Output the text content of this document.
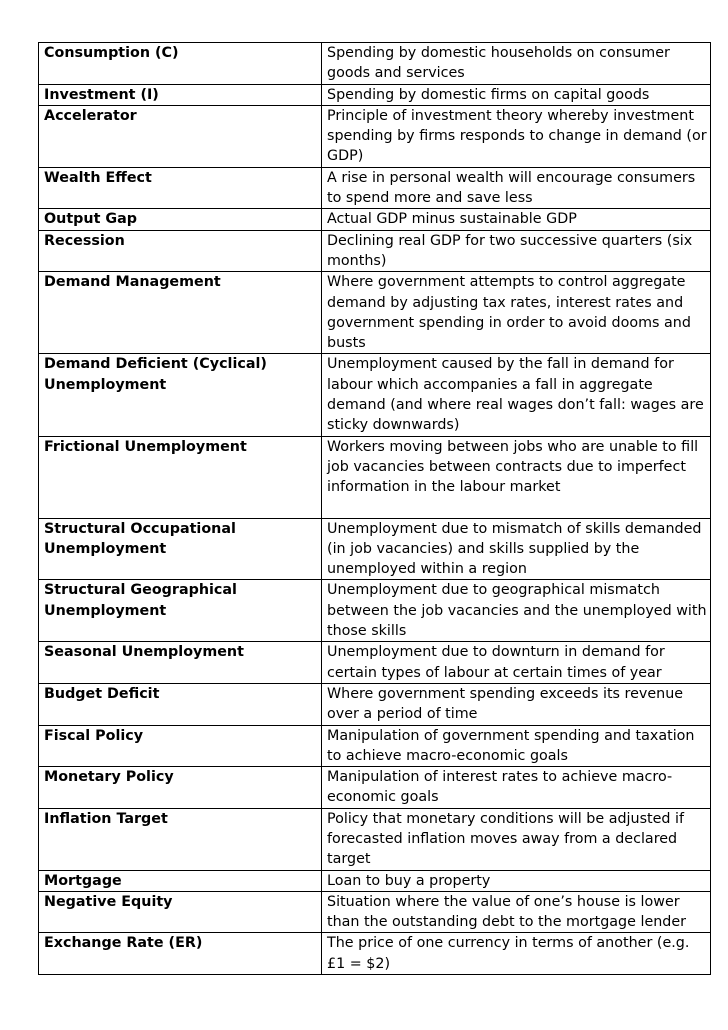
Consumption (C)	Spending by domestic households on consumer goods and services
Investment (I)	Spending by domestic firms on capital goods
Accelerator	Principle of investment theory whereby investment spending by firms responds to change in demand (or GDP)
Wealth Effect	A rise in personal wealth will encourage consumers to spend more and save less
Output Gap	Actual GDP minus sustainable GDP
Recession	Declining real GDP for two successive quarters (six months)
Demand Management	Where government attempts to control aggregate demand by adjusting tax rates, interest rates and government spending in order to avoid dooms and busts
Demand Deficient (Cyclical) Unemployment	Unemployment caused by the fall in demand for labour which accompanies a fall in aggregate demand (and where real wages don’t fall: wages are sticky downwards)
Frictional Unemployment	Workers moving between jobs who are unable to fill job vacancies between contracts due to imperfect information in the labour market
Structural Occupational Unemployment	Unemployment due to mismatch of skills demanded (in job vacancies) and skills supplied by the unemployed within a region
Structural Geographical Unemployment	Unemployment due to geographical mismatch between the job vacancies and the unemployed with those skills
Seasonal Unemployment	Unemployment due to downturn in demand for certain types of labour at certain times of year
Budget Deficit	Where government spending exceeds its revenue over a period of time
Fiscal Policy	Manipulation of government spending and taxation to achieve macro-economic goals
Monetary Policy	Manipulation of interest rates to achieve macro-economic goals
Inflation Target	Policy that monetary conditions will be adjusted if forecasted inflation moves away from a declared target
Mortgage	Loan to buy a property
Negative Equity	Situation where the value of one’s house is lower than the outstanding debt to the mortgage lender
Exchange Rate (ER)	The price of one currency in terms of another (e.g. £1 = $2)
